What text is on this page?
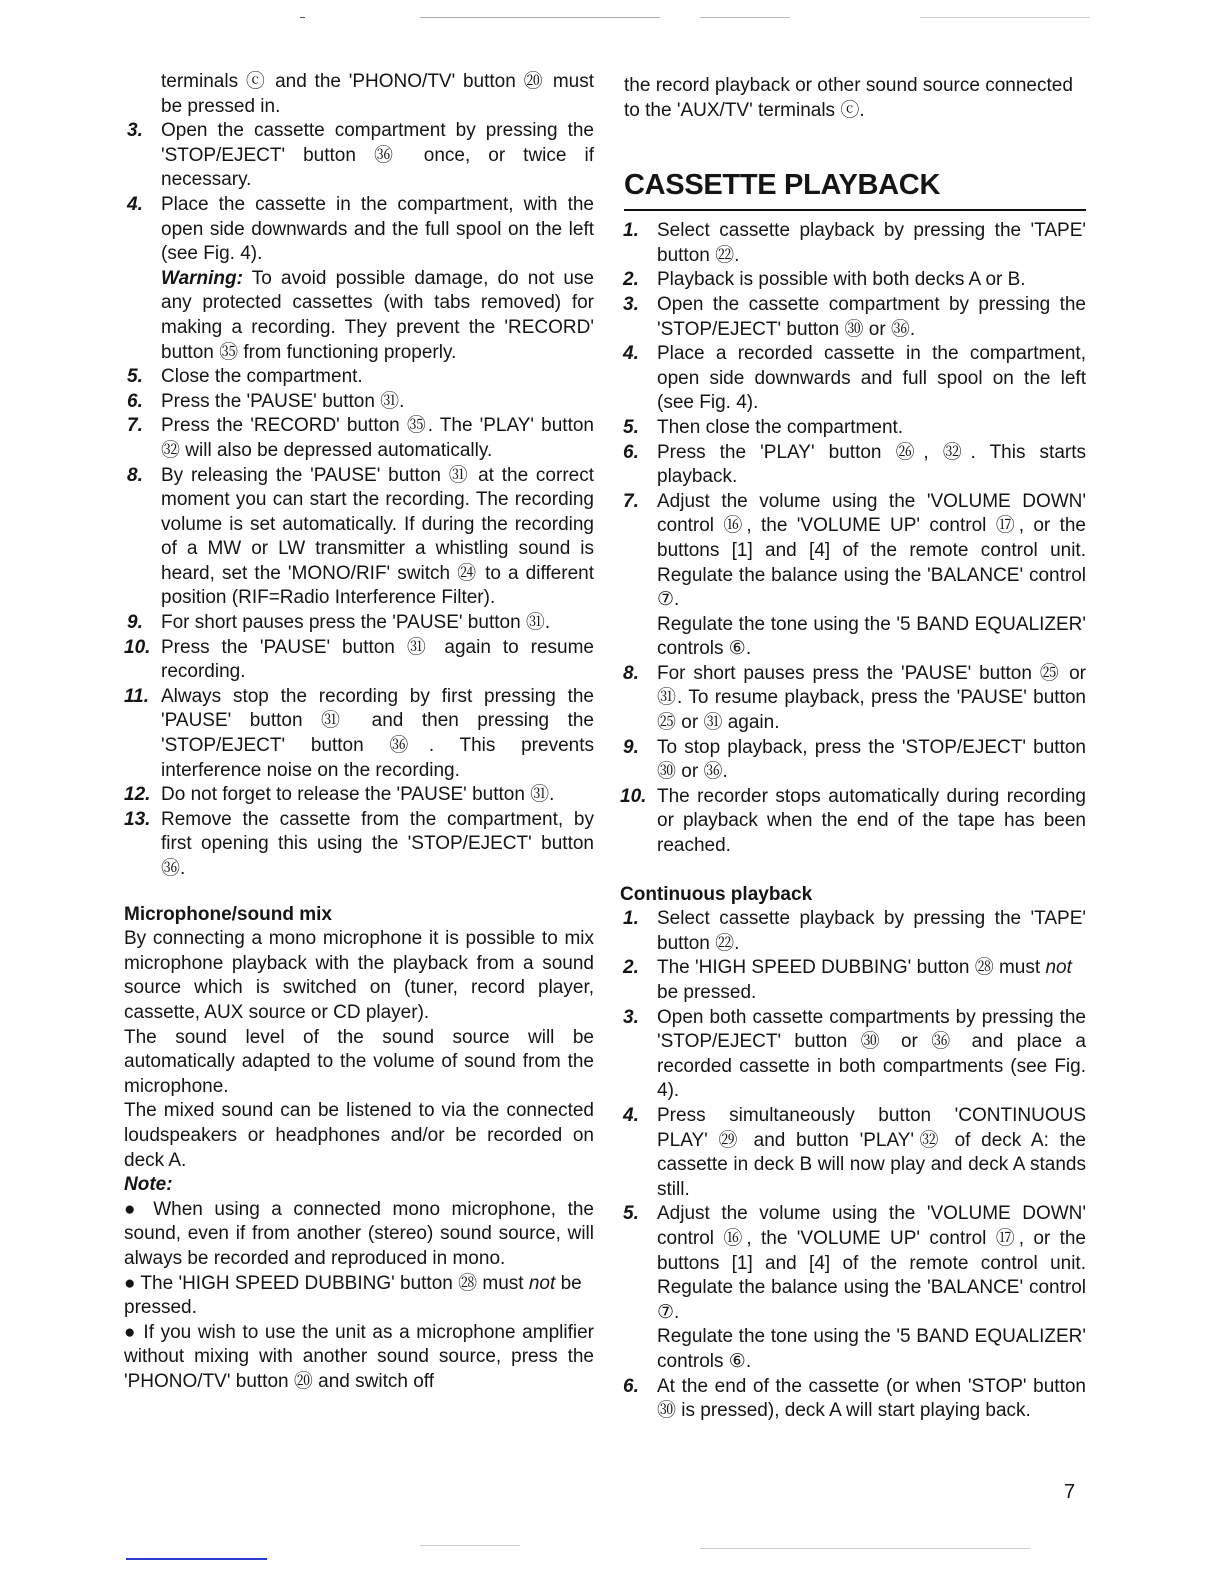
terminals ⓒ and the 'PHONO/TV' button ⑳ must be pressed in.
3. Open the cassette compartment by pressing the 'STOP/EJECT' button ㊱ once, or twice if necessary.
4. Place the cassette in the compartment, with the open side downwards and the full spool on the left (see Fig. 4).
Warning: To avoid possible damage, do not use any protected cassettes (with tabs removed) for making a recording. They prevent the 'RECORD' button ㉟ from functioning properly.
5. Close the compartment.
6. Press the 'PAUSE' button ㉛.
7. Press the 'RECORD' button ㉟. The 'PLAY' button ㉜ will also be depressed automatically.
8. By releasing the 'PAUSE' button ㉛ at the correct moment you can start the recording. The recording volume is set automatically. If during the recording of a MW or LW transmitter a whistling sound is heard, set the 'MONO/RIF' switch ㉔ to a different position (RIF=Radio Interference Filter).
9. For short pauses press the 'PAUSE' button ㉛.
10. Press the 'PAUSE' button ㉛ again to resume recording.
11. Always stop the recording by first pressing the 'PAUSE' button ㉛ and then pressing the 'STOP/EJECT' button ㊱. This prevents interference noise on the recording.
12. Do not forget to release the 'PAUSE' button ㉛.
13. Remove the cassette from the compartment, by first opening this using the 'STOP/EJECT' button ㊱.
Microphone/sound mix

By connecting a mono microphone it is possible to mix microphone playback with the playback from a sound source which is switched on (tuner, record player, cassette, AUX source or CD player).

The sound level of the sound source will be automatically adapted to the volume of sound from the microphone.

The mixed sound can be listened to via the connected loudspeakers or headphones and/or be recorded on deck A.

Note:

● When using a connected mono microphone, the sound, even if from another (stereo) sound source, will always be recorded and reproduced in mono.

● The 'HIGH SPEED DUBBING' button ㉘ must not be pressed.

● If you wish to use the unit as a microphone amplifier without mixing with another sound source, press the 'PHONO/TV' button ⑳ and switch off

the record playback or other sound source connected to the 'AUX/TV' terminals ⓒ.

CASSETTE PLAYBACK
1. Select cassette playback by pressing the 'TAPE' button ㉒.
2. Playback is possible with both decks A or B.
3. Open the cassette compartment by pressing the 'STOP/EJECT' button ㉚ or ㊱.
4. Place a recorded cassette in the compartment, open side downwards and full spool on the left (see Fig. 4).
5. Then close the compartment.
6. Press the 'PLAY' button ㉖, ㉜. This starts playback.
7. Adjust the volume using the 'VOLUME DOWN' control ⑯, the 'VOLUME UP' control ⑰, or the buttons [1] and [4] of the remote control unit. Regulate the balance using the 'BALANCE' control ⑦.
Regulate the tone using the '5 BAND EQUALIZER' controls ⑥.
8. For short pauses press the 'PAUSE' button ㉕ or ㉛. To resume playback, press the 'PAUSE' button ㉕ or ㉛ again.
9. To stop playback, press the 'STOP/EJECT' button ㉚ or ㊱.
10. The recorder stops automatically during recording or playback when the end of the tape has been reached.
Continuous playback
1. Select cassette playback by pressing the 'TAPE' button ㉒.
2. The 'HIGH SPEED DUBBING' button ㉘ must not be pressed.
3. Open both cassette compartments by pressing the 'STOP/EJECT' button ㉚ or ㊱ and place a recorded cassette in both compartments (see Fig. 4).
4. Press simultaneously button 'CONTINUOUS PLAY' ㉙ and button 'PLAY'㉜ of deck A: the cassette in deck B will now play and deck A stands still.
5. Adjust the volume using the 'VOLUME DOWN' control ⑯, the 'VOLUME UP' control ⑰, or the buttons [1] and [4] of the remote control unit. Regulate the balance using the 'BALANCE' control ⑦.
Regulate the tone using the '5 BAND EQUALIZER' controls ⑥.
6. At the end of the cassette (or when 'STOP' button ㉚ is pressed), deck A will start playing back.
7
